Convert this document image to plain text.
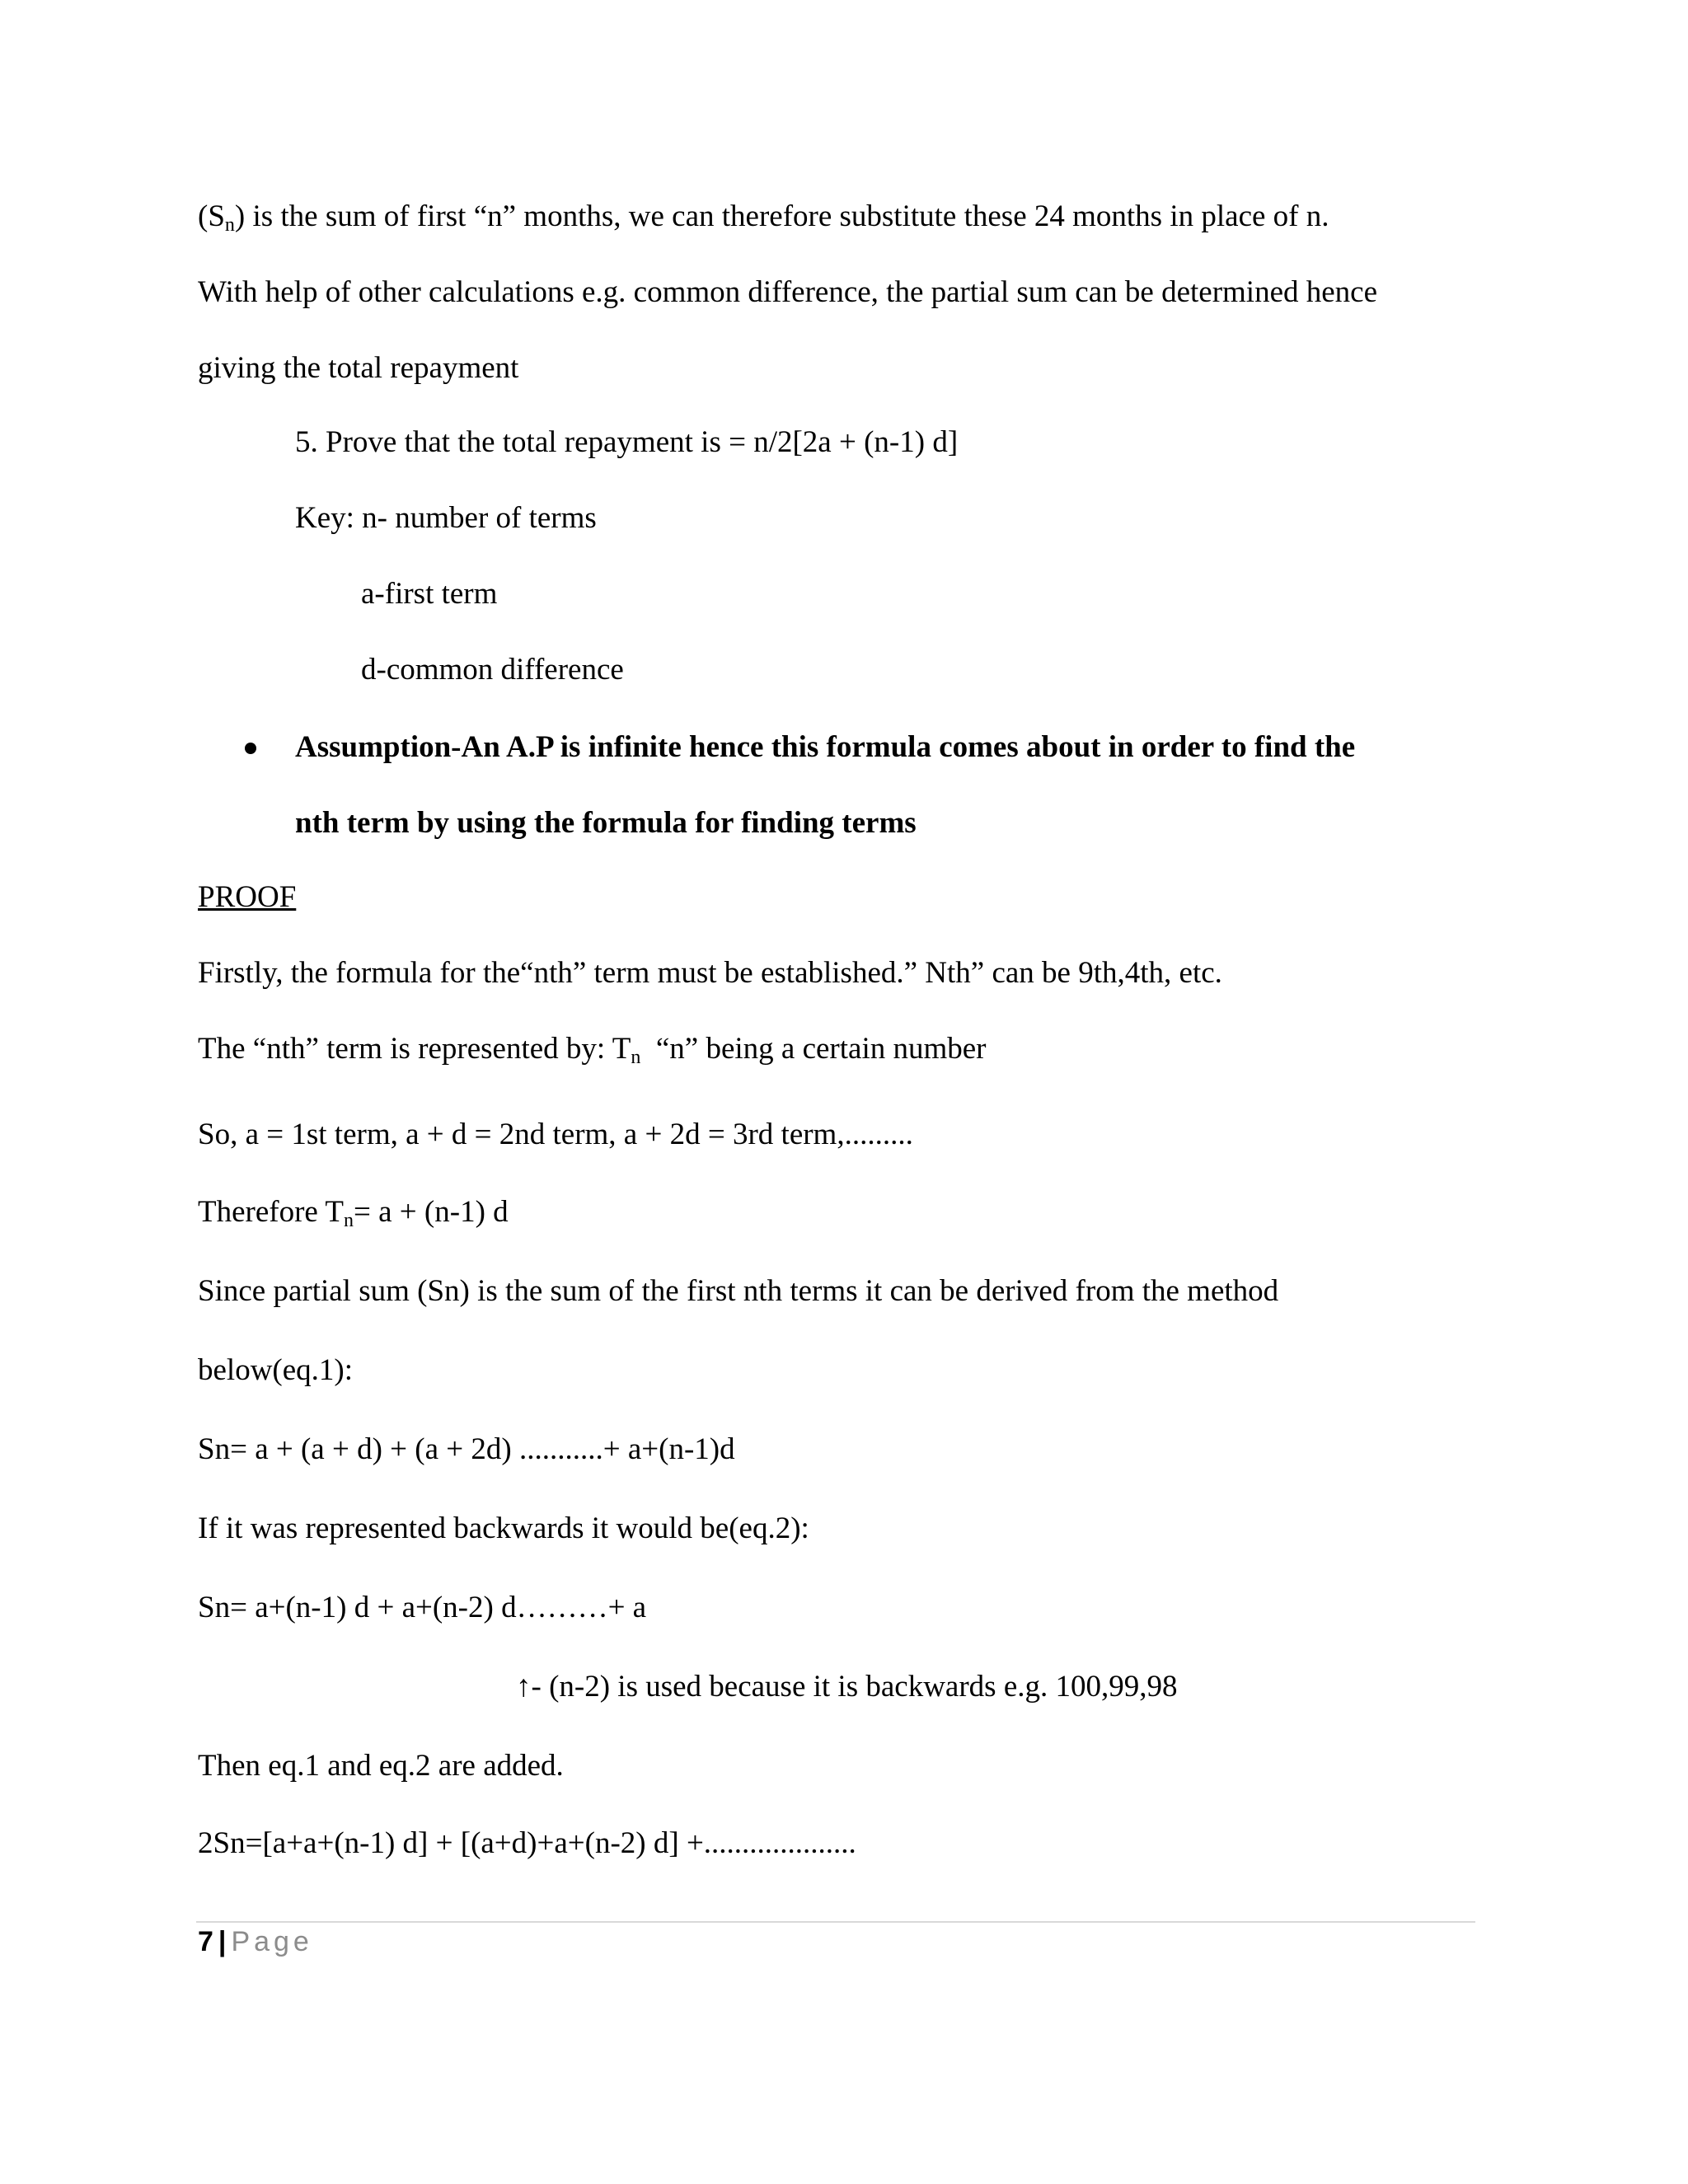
$(S_n)$ is the sum of first “n” months, we can therefore substitute these 24 months in place of n.
With help of other calculations e.g. common difference, the partial sum can be determined hence
giving the total repayment
5. Prove that the total repayment is = n/2[2a + (n-1) d]
Key: n- number of terms
a-first term
d-common difference
Assumption-An A.P is infinite hence this formula comes about in order to find the
nth term by using the formula for finding terms
PROOF
Firstly, the formula for the“nth” term must be established.” Nth” can be 9th,4th, etc.
The “nth” term is represented by: $T_n$  “n” being a certain number
So, a = 1st term, a + d = 2nd term, a + 2d = 3rd term,.........
Therefore $T_n= a + (n-1)$ d
Since partial sum (Sn) is the sum of the first nth terms it can be derived from the method
below(eq.1):
Sn= a + (a + d) + (a + 2d) ...........+ a+(n-1)d
If it was represented backwards it would be(eq.2):
Sn= a+(n-1) d + a+(n-2) d………+ a
↑- (n-2) is used because it is backwards e.g. 100,99,98
Then eq.1 and eq.2 are added.
2Sn=[a+a+(n-1) d] + [(a+d)+a+(n-2) d] +....................
7 | Page
